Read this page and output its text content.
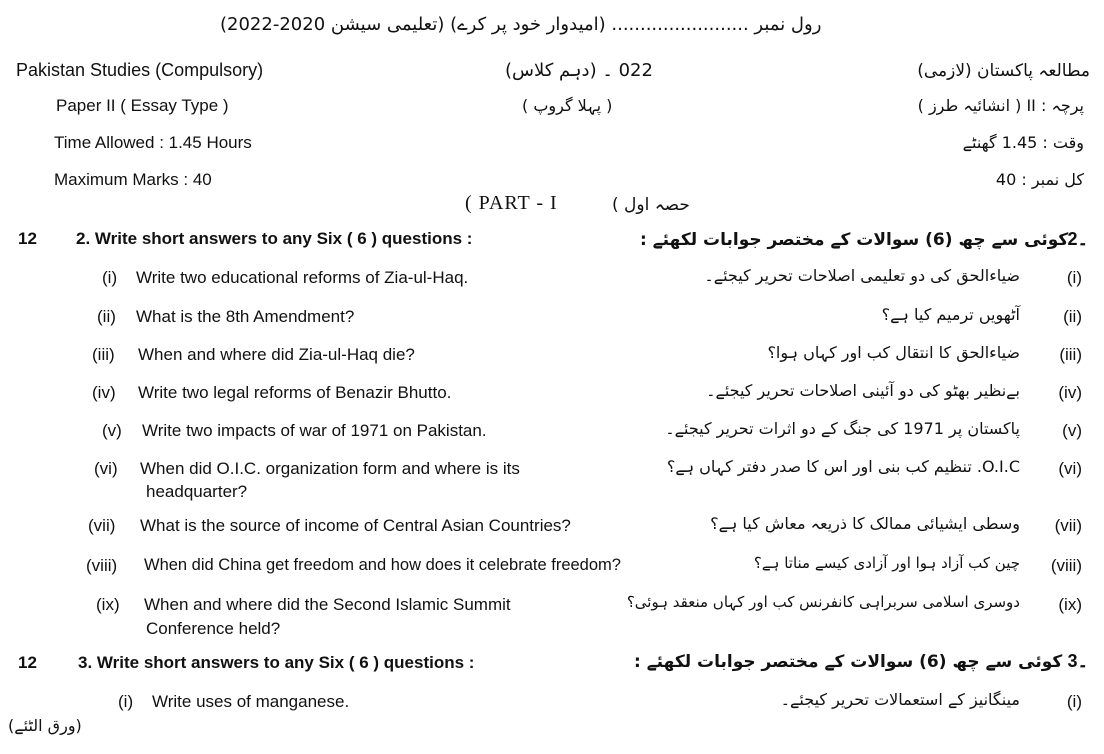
رول نمبر ........................ (امیدوار خود پر کرے) (تعلیمی سیشن 2020-2022)
Pakistan Studies (Compulsory)	022 ۔ (دہم کلاس)	مطالعہ پاکستان (لازمی)
Paper II ( Essay Type )	( پہلا گروپ )	پرچہ : II ( انشائیہ طرز )
Time Allowed : 1.45 Hours	وقت : 1.45 گھنٹے
Maximum Marks : 40	کل نمبر : 40
( PART - I	حصہ اول )
12 2. Write short answers to any Six ( 6 ) questions :	کوئی سے چھ (6) سوالات کے مختصر جوابات لکھئے : 2۔
(i) Write two educational reforms of Zia-ul-Haq.	ضیاءالحق کی دو تعلیمی اصلاحات تحریر کیجئے۔	(i)
(ii) What is the 8th Amendment?	آٹھویں ترمیم کیا ہے؟	(ii)
(iii) When and where did Zia-ul-Haq die?	ضیاءالحق کا انتقال کب اور کہاں ہوا؟ (iii)
(iv) Write two legal reforms of Benazir Bhutto.	بےنظیر بھٹو کی دو آئینی اصلاحات تحریر کیجئے۔ (iv)
(v) Write two impacts of war of 1971 on Pakistan.	پاکستان پر 1971 کی جنگ کے دو اثرات تحریر کیجئے۔ (v)
(vi) When did O.I.C. organization form and where is its
headquarter?
O.I.C. تنظیم کب بنی اور اس کا صدر دفتر کہاں ہے؟ (vi)
(vii) What is the source of income of Central Asian Countries?	وسطی ایشیائی ممالک کا ذریعہ معاش کیا ہے؟ (vii)
(viii) When did China get freedom and how does it celebrate freedom?	چین کب آزاد ہوا اور آزادی کیسے مناتا ہے؟ (viii)
(ix) When and where did the Second Islamic Summit
Conference held?
دوسری اسلامی سربراہی کانفرنس کب اور کہاں منعقد ہوئی؟ (ix)
12 3. Write short answers to any Six ( 6 ) questions :	کوئی سے چھ (6) سوالات کے مختصر جوابات لکھئے : 3۔
(i) Write uses of manganese.	مینگانیز کے استعمالات تحریر کیجئے۔	(i)
(ورق الٹئے)
